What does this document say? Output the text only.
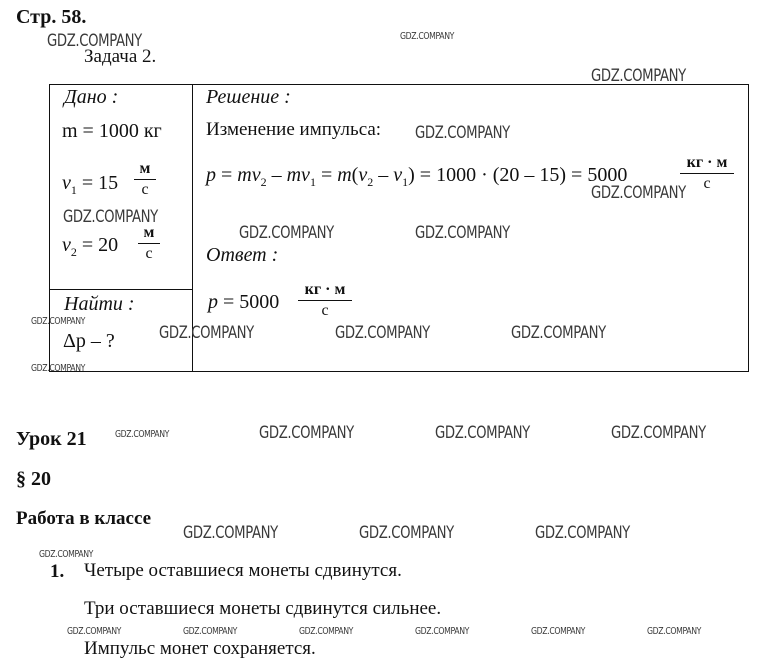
Стр. 58.
Задача 2.
Дано :
m = 1000 кг
$v_1 = 15$
м
с
$v_2 = 20$
м
с
Найти :
Δp – ?
Решение :
Изменение импульса:
$p = mv_2 - mv_1 = m(v_2 - v_1) = 1000 \cdot (20 - 15) = 5000$
кг · м
с
Ответ :
p = 5000
кг · м
с
Урок 21
§ 20
Работа в классе
1. Четыре оставшиеся монеты сдвинутся.
Три оставшиеся монеты сдвинутся сильнее.
Импульс монет сохраняется.
GDZ.COMPANY	GDZ.COMPANY
GDZ.COMPANY
GDZ.COMPANY
GDZ.COMPANY
GDZ.COMPANY
GDZ.COMPANY	GDZ.COMPANY
GDZ.COMPANY
GDZ.COMPANY	GDZ.COMPANY	GDZ.COMPANY
GDZ.COMPANY
GDZ.COMPANY	GDZ.COMPANY	GDZ.COMPANY	GDZ.COMPANY
GDZ.COMPANY	GDZ.COMPANY	GDZ.COMPANY
GDZ.COMPANY
GDZ.COMPANY	GDZ.COMPANY	GDZ.COMPANY	GDZ.COMPANY	GDZ.COMPANY	GDZ.COMPANY
